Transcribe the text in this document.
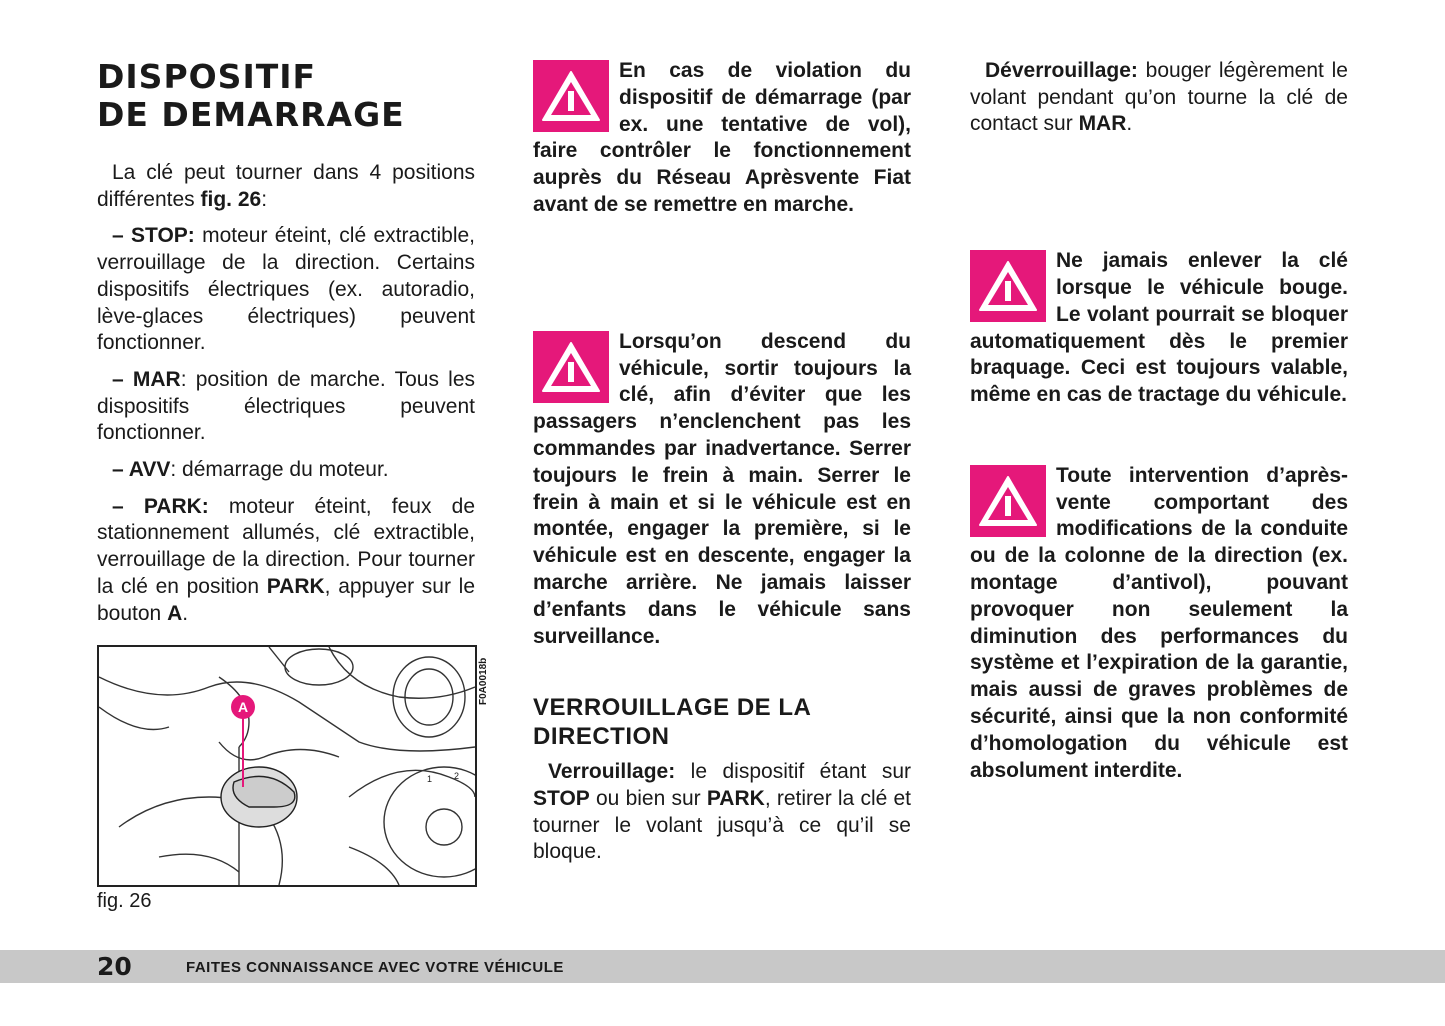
DISPOSITIF
DE DEMARRAGE

La clé peut tourner dans 4 positions différentes fig. 26:

– STOP: moteur éteint, clé extractible, verrouillage de la direction. Certains dispositifs électriques (ex. autoradio, lève-glaces électriques) peuvent fonctionner.

– MAR: position de marche. Tous les dispositifs électriques peuvent fonctionner.

– AVV: démarrage du moteur.

– PARK: moteur éteint, feux de stationnement allumés, clé extractible, verrouillage de la direction. Pour tourner la clé en position PARK, appuyer sur le bouton A.

A
1 2
F0A0018b
fig. 26
En cas de violation du dispositif de démarrage (par ex. une tentative de vol), faire contrôler le fonctionnement auprès du Réseau Aprèsvente Fiat avant de se remettre en marche.
Lorsqu’on descend du véhicule, sortir toujours la clé, afin d’éviter que les passagers n’enclenchent pas les commandes par inadvertance. Serrer toujours le frein à main. Serrer le frein à main et si le véhicule est en montée, engager la première, si le véhicule est en descente, engager la marche arrière. Ne jamais laisser d’enfants dans le véhicule sans surveillance.
VERROUILLAGE DE LA DIRECTION

Verrouillage: le dispositif étant sur STOP ou bien sur PARK, retirer la clé et tourner le volant jusqu’à ce qu’il se bloque.

Déverrouillage: bouger légèrement le volant pendant qu’on tourne la clé de contact sur MAR.

Ne jamais enlever la clé lorsque le véhicule bouge. Le volant pourrait se bloquer automatiquement dès le premier braquage. Ceci est toujours valable, même en cas de tractage du véhicule.
Toute intervention d’après- vente comportant des modifications de la conduite ou de la colonne de la direction (ex. montage d’antivol), pouvant provoquer non seulement la diminution des performances du système et l’expiration de la garantie, mais aussi de graves problèmes de sécurité, ainsi que la non conformité d’homologation du véhicule est absolument interdite.
20	FAITES CONNAISSANCE AVEC VOTRE VÉHICULE
